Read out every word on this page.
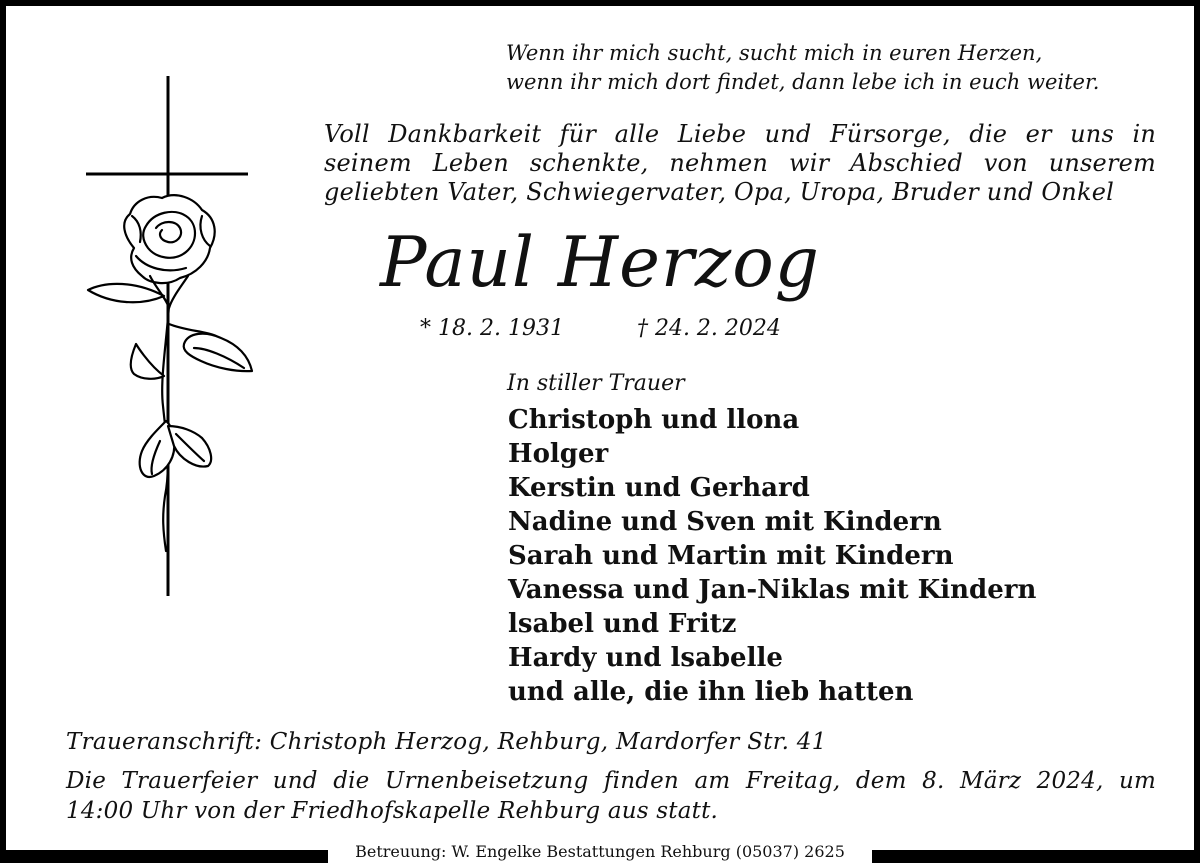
Wenn ihr mich sucht, sucht mich in euren Herzen,
wenn ihr mich dort findet, dann lebe ich in euch weiter.
Voll Dankbarkeit für alle Liebe und Fürsorge, die er uns in
seinem Leben schenkte, nehmen wir Abschied von unserem
geliebten Vater, Schwiegervater, Opa, Uropa, Bruder und Onkel
Paul Herzog
* 18. 2. 1931	† 24. 2. 2024
In stiller Trauer
Christoph und llona
Holger
Kerstin und Gerhard
Nadine und Sven mit Kindern
Sarah und Martin mit Kindern
Vanessa und Jan-Niklas mit Kindern
lsabel und Fritz
Hardy und lsabelle
und alle, die ihn lieb hatten
Traueranschrift: Christoph Herzog, Rehburg, Mardorfer Str. 41
Die Trauerfeier und die Urnenbeisetzung finden am Freitag, dem 8. März 2024, um
14:00 Uhr von der Friedhofskapelle Rehburg aus statt.
Betreuung: W. Engelke Bestattungen Rehburg (05037) 2625
